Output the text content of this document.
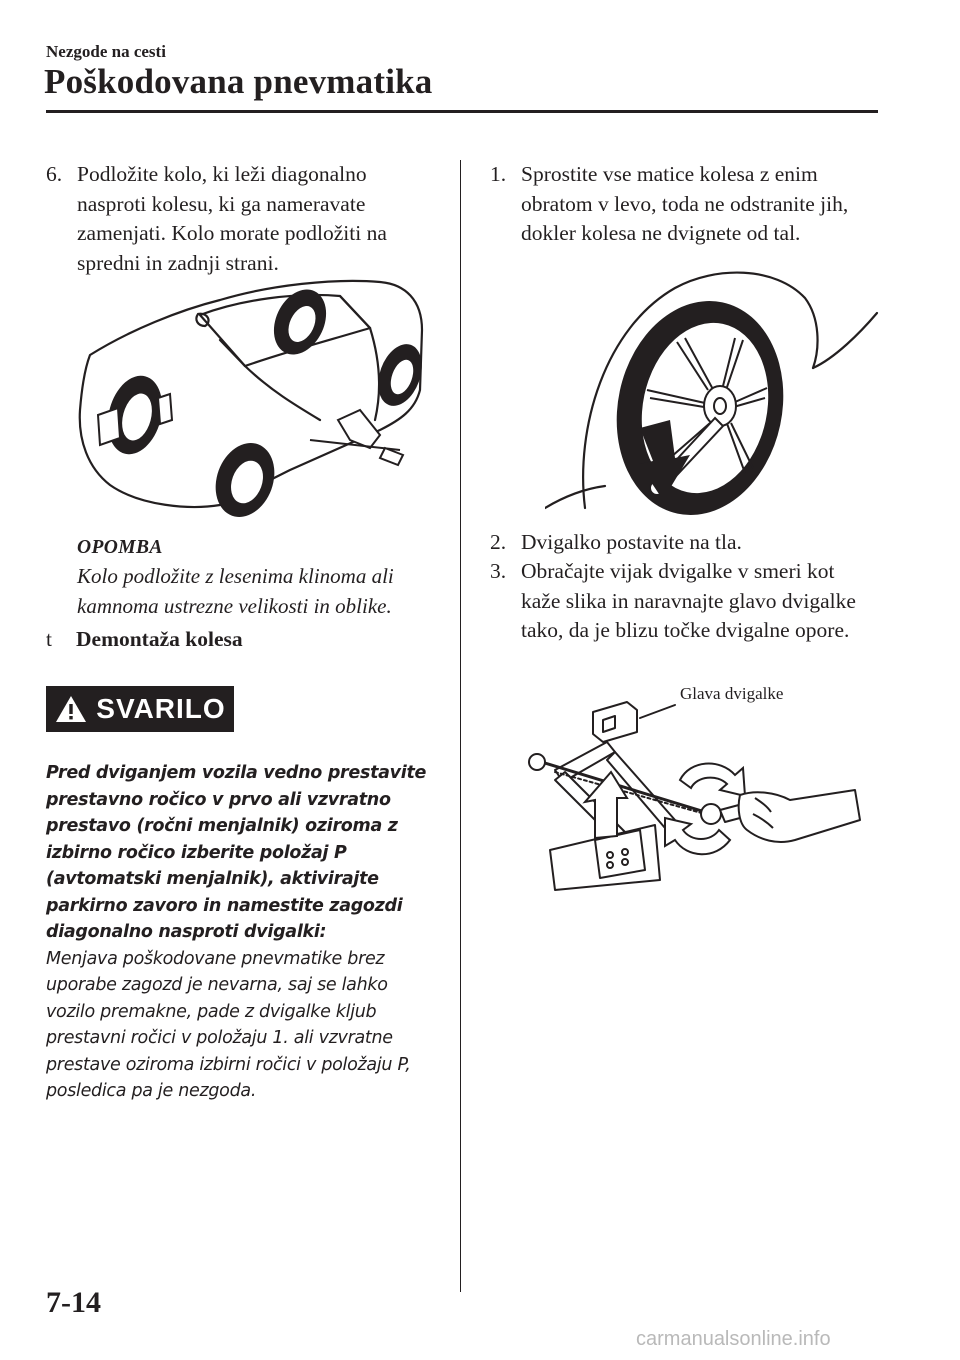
Nezgode na cesti
Poškodovana pnevmatika
6. Podložite kolo, ki leži diagonalno
nasproti kolesu, ki ga nameravate
zamenjati. Kolo morate podložiti na
spredni in zadnji strani.
OPOMBA
Kolo podložite z lesenima klinoma ali
kamnoma ustrezne velikosti in oblike.
t Demontaža kolesa
SVARILO
Pred dviganjem vozila vedno prestavite
prestavno ročico v prvo ali vzvratno
prestavo (ročni menjalnik) oziroma z
izbirno ročico izberite položaj P
(avtomatski menjalnik), aktivirajte
parkirno zavoro in namestite zagozdi
diagonalno nasproti dvigalki:
Menjava poškodovane pnevmatike brez
uporabe zagozd je nevarna, saj se lahko
vozilo premakne, pade z dvigalke kljub
prestavni ročici v položaju 1. ali vzvratne
prestave oziroma izbirni ročici v položaju P,
posledica pa je nezgoda.
1. Sprostite vse matice kolesa z enim
obratom v levo, toda ne odstranite jih,
dokler kolesa ne dvignete od tal.
2. Dvigalko postavite na tla.
3. Obračajte vijak dvigalke v smeri kot
kaže slika in naravnajte glavo dvigalke
tako, da je blizu točke dvigalne opore.
Glava dvigalke
7-14
carmanualsonline.info
